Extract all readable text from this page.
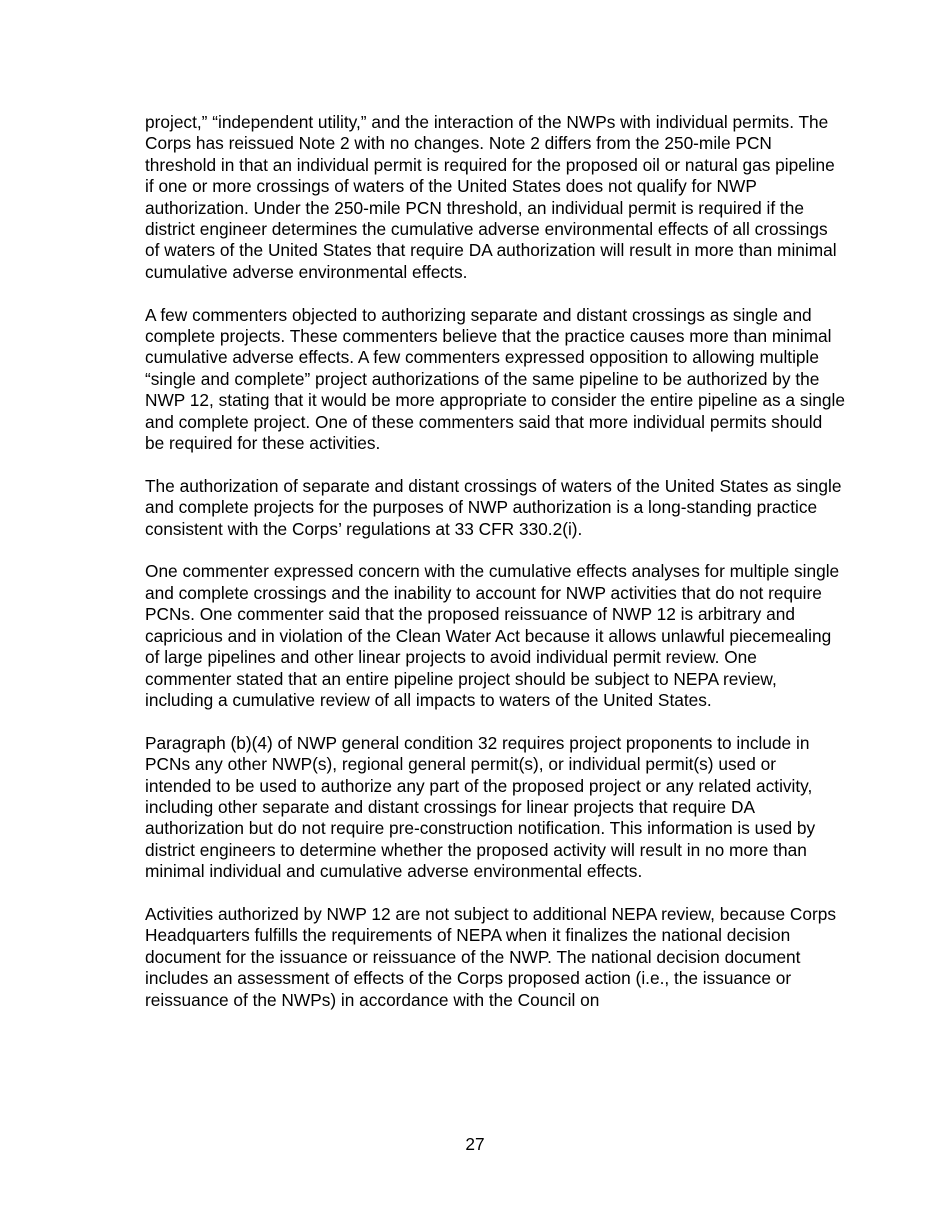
project,” “independent utility,” and the interaction of the NWPs with individual permits. The Corps has reissued Note 2 with no changes. Note 2 differs from the 250-mile PCN threshold in that an individual permit is required for the proposed oil or natural gas pipeline if one or more crossings of waters of the United States does not qualify for NWP authorization. Under the 250-mile PCN threshold, an individual permit is required if the district engineer determines the cumulative adverse environmental effects of all crossings of waters of the United States that require DA authorization will result in more than minimal cumulative adverse environmental effects.

A few commenters objected to authorizing separate and distant crossings as single and complete projects. These commenters believe that the practice causes more than minimal cumulative adverse effects. A few commenters expressed opposition to allowing multiple “single and complete” project authorizations of the same pipeline to be authorized by the NWP 12, stating that it would be more appropriate to consider the entire pipeline as a single and complete project. One of these commenters said that more individual permits should be required for these activities.

The authorization of separate and distant crossings of waters of the United States as single and complete projects for the purposes of NWP authorization is a long-standing practice consistent with the Corps’ regulations at 33 CFR 330.2(i).

One commenter expressed concern with the cumulative effects analyses for multiple single and complete crossings and the inability to account for NWP activities that do not require PCNs. One commenter said that the proposed reissuance of NWP 12 is arbitrary and capricious and in violation of the Clean Water Act because it allows unlawful piecemealing of large pipelines and other linear projects to avoid individual permit review. One commenter stated that an entire pipeline project should be subject to NEPA review, including a cumulative review of all impacts to waters of the United States.

Paragraph (b)(4) of NWP general condition 32 requires project proponents to include in PCNs any other NWP(s), regional general permit(s), or individual permit(s) used or intended to be used to authorize any part of the proposed project or any related activity, including other separate and distant crossings for linear projects that require DA authorization but do not require pre-construction notification. This information is used by district engineers to determine whether the proposed activity will result in no more than minimal individual and cumulative adverse environmental effects.

Activities authorized by NWP 12 are not subject to additional NEPA review, because Corps Headquarters fulfills the requirements of NEPA when it finalizes the national decision document for the issuance or reissuance of the NWP. The national decision document includes an assessment of effects of the Corps proposed action (i.e., the issuance or reissuance of the NWPs) in accordance with the Council on

27
